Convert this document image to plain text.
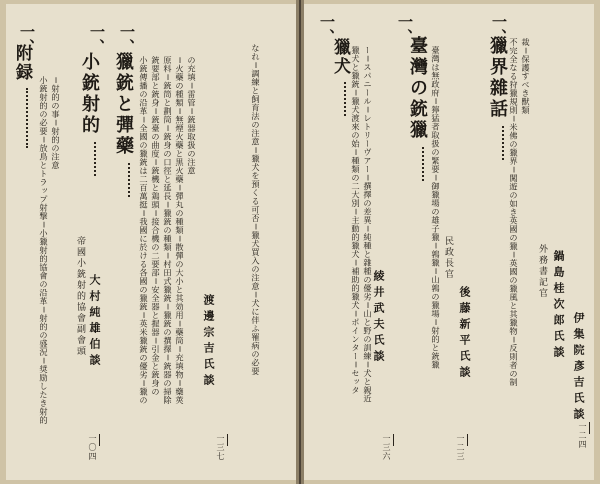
一、
附録
小銃射的の必要＝放鳥とトラップ射撃＝小獵射的協會の沿革＝射的の盛況＝奨励したき射的 ＝射的の事＝射的の注意
一、
小銃射的
帝國小銃射的協會副會頭 大村純雄伯談
一〇四
一、
獵銃と彈藥 小銃傳播の沿革＝全國の獵銃は二百萬挺＝我國に於ける各國の獵銃＝英米獵銃の優劣＝獵の 銃要部と銃身＝銃臺の曲度＝銃機と鶏頭＝接合機の二要部＝安全器と握器＝引金と銃身の 原料＝銃筒と劃筒＝銃身の口徑と延長＝獵銃の種類＝村田式獵銃＝獵銃の撰擇＝銃器の掃除 ＝火藥の種類＝無煙火藥と黒火藥＝彈丸の種類＝散彈の大小と其効用＝藥筒＝充填物＝藥莢 の充填＝雷管＝銃器取扱の注意
渡邊宗吉氏談
一三七
なれ＝調練と飼育法の注意＝獵犬を預くる可否＝獵犬買入の注意＝犬に伴ふ罹病の必要
一、
獵犬 獵犬と獵銃＝獵犬渡來の始＝種類の二大別＝主動的獵犬＝補助的獵犬＝ポインター＝セッタ ー＝スパニール＝レトリーヴアー＝撰擇の差異＝純種と雜種の優劣＝山と野の訓練＝犬と親近 綾井武夫氏談
一三六
一、
臺灣の銃獵 臺灣は無政府＝獰猛者取扱の緊要＝御獵場の雄子獵＝鶉獵＝山鶉の獵場＝射的と銃獵 民政長官
後藤新平氏談
一二三
一、
獵界雜話 不完全なる狩獵規則＝米佛の獵界＝闖遊の如き英國の獵＝英國の獵風と其獵物＝反則者の制 裁＝保護すべき獸類
外務書記官 鍋島桂次郎氏談
伊集院彥吉氏談
一二四
